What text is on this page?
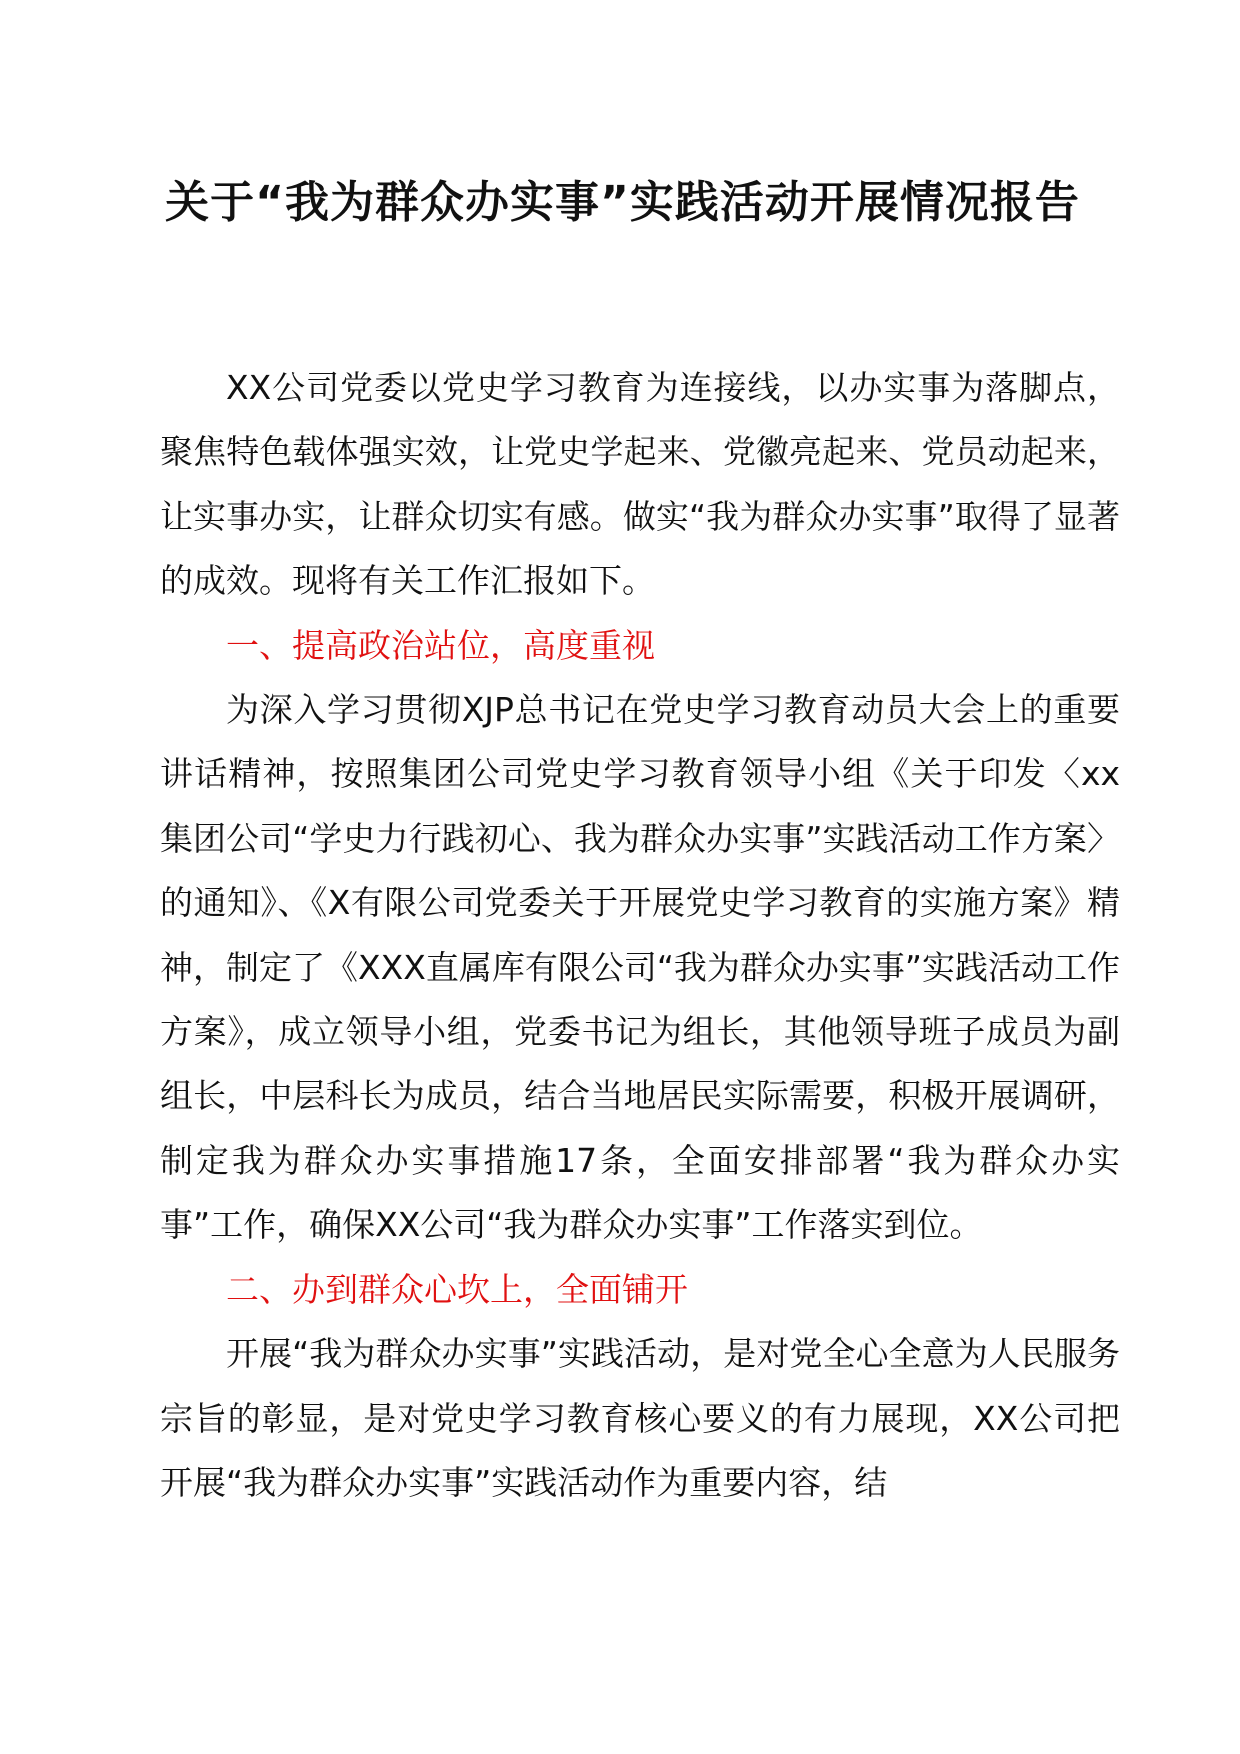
关于“我为群众办实事”实践活动开展情况报告

XX公司党委以党史学习教育为连接线，以办实事为落脚点，聚焦特色载体强实效，让党史学起来、党徽亮起来、党员动起来，让实事办实，让群众切实有感。做实“我为群众办实事”取得了显著的成效。现将有关工作汇报如下。

一、提高政治站位，高度重视

为深入学习贯彻XJP总书记在党史学习教育动员大会上的重要讲话精神，按照集团公司党史学习教育领导小组《关于印发〈xx集团公司“学史力行践初心、我为群众办实事”实践活动工作方案〉的通知》、《X有限公司党委关于开展党史学习教育的实施方案》精神，制定了《XXX直属库有限公司“我为群众办实事”实践活动工作方案》，成立领导小组，党委书记为组长，其他领导班子成员为副组长，中层科长为成员，结合当地居民实际需要，积极开展调研，制定我为群众办实事措施17条，全面安排部署“我为群众办实事”工作，确保XX公司“我为群众办实事”工作落实到位。

二、办到群众心坎上，全面铺开

开展“我为群众办实事”实践活动，是对党全心全意为人民服务宗旨的彰显，是对党史学习教育核心要义的有力展现，XX公司把开展“我为群众办实事”实践活动作为重要内容，结
